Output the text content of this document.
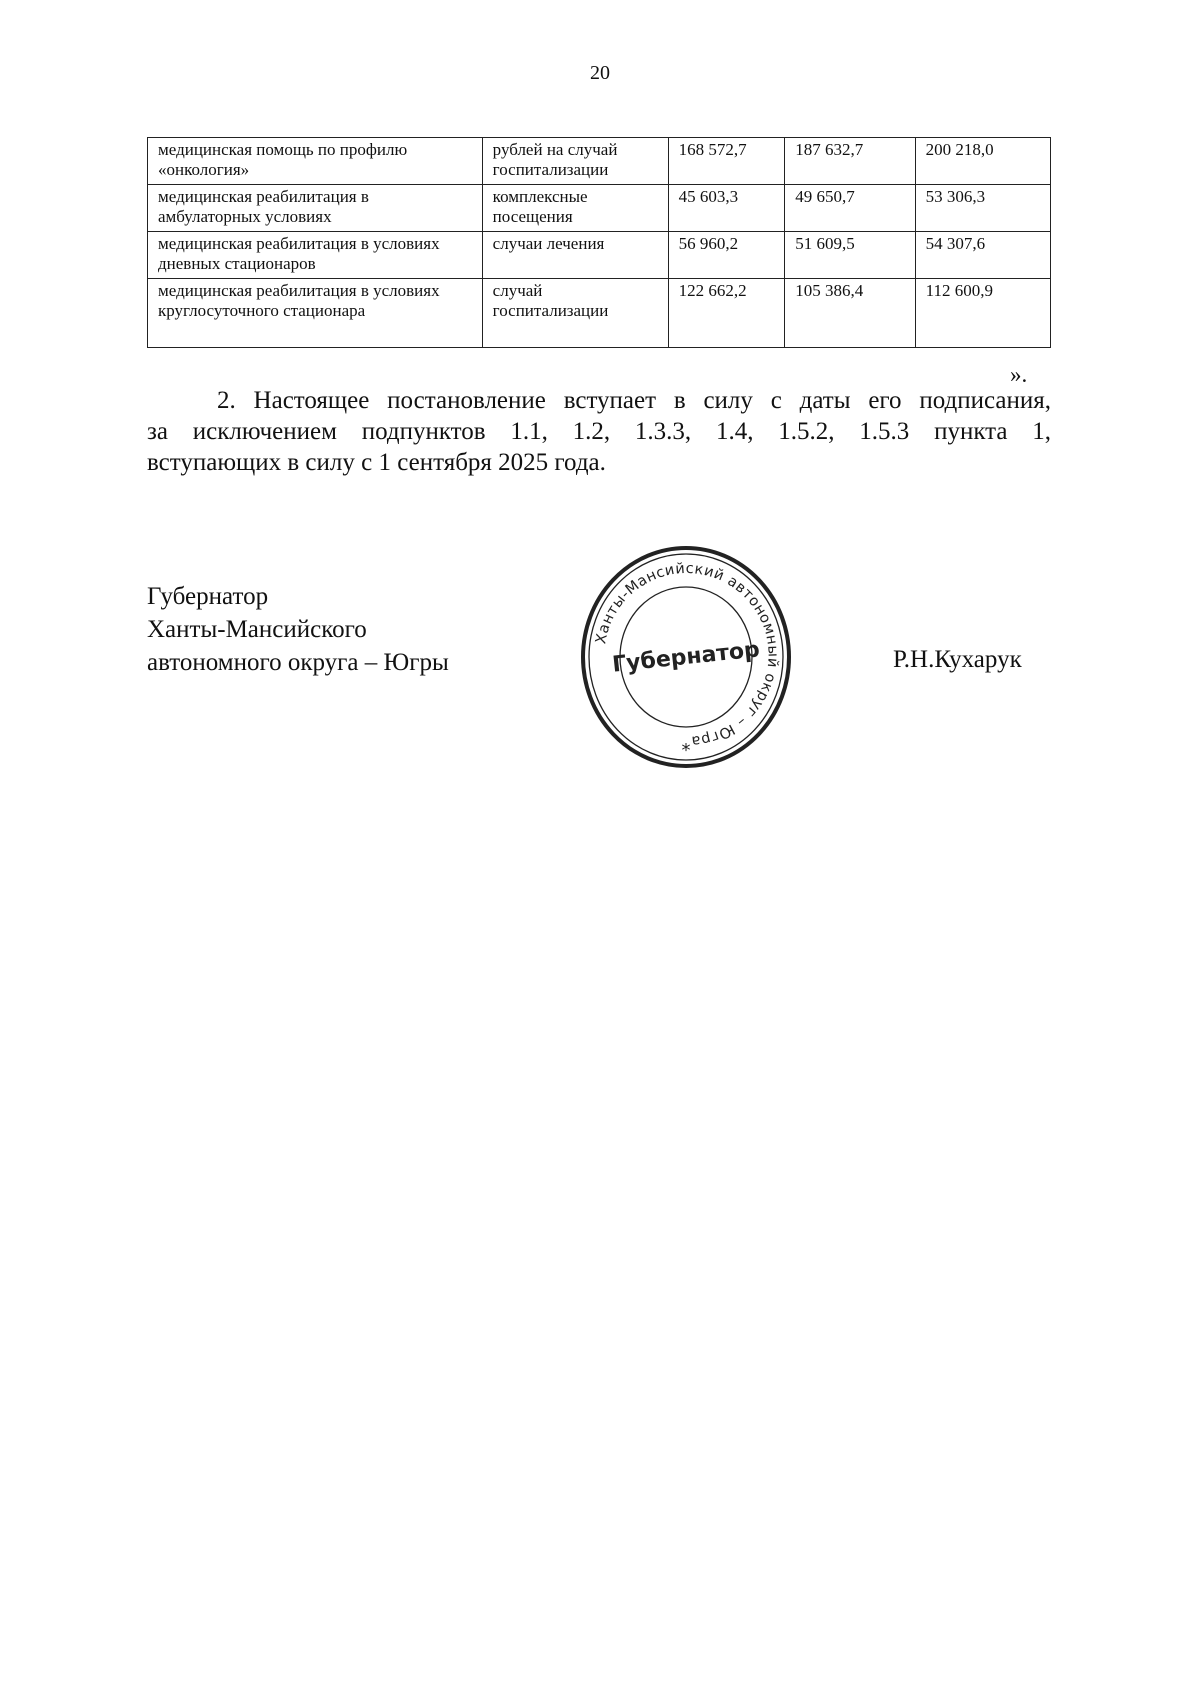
20
медицинская помощь по профилю «онкология»	рублей на случай госпитализации	168 572,7	187 632,7	200 218,0
медицинская реабилитация в амбулаторных условиях	комплексные посещения	45 603,3	49 650,7	53 306,3
медицинская реабилитация в условиях дневных стационаров	случаи лечения	56 960,2	51 609,5	54 307,6
медицинская реабилитация в условиях круглосуточного стационара	случай госпитализации	122 662,2	105 386,4	112 600,9
».
2. Настоящее постановление вступает в силу с даты его подписания,
за исключением подпунктов 1.1, 1.2, 1.3.3, 1.4, 1.5.2, 1.5.3 пункта 1,
вступающих в силу с 1 сентября 2025 года.
Губернатор
Ханты-Мансийского
автономного округа – Югры	Р.Н.Кухарук
Ханты-Мансийский автономный округ – Югра
Губернатор
*
